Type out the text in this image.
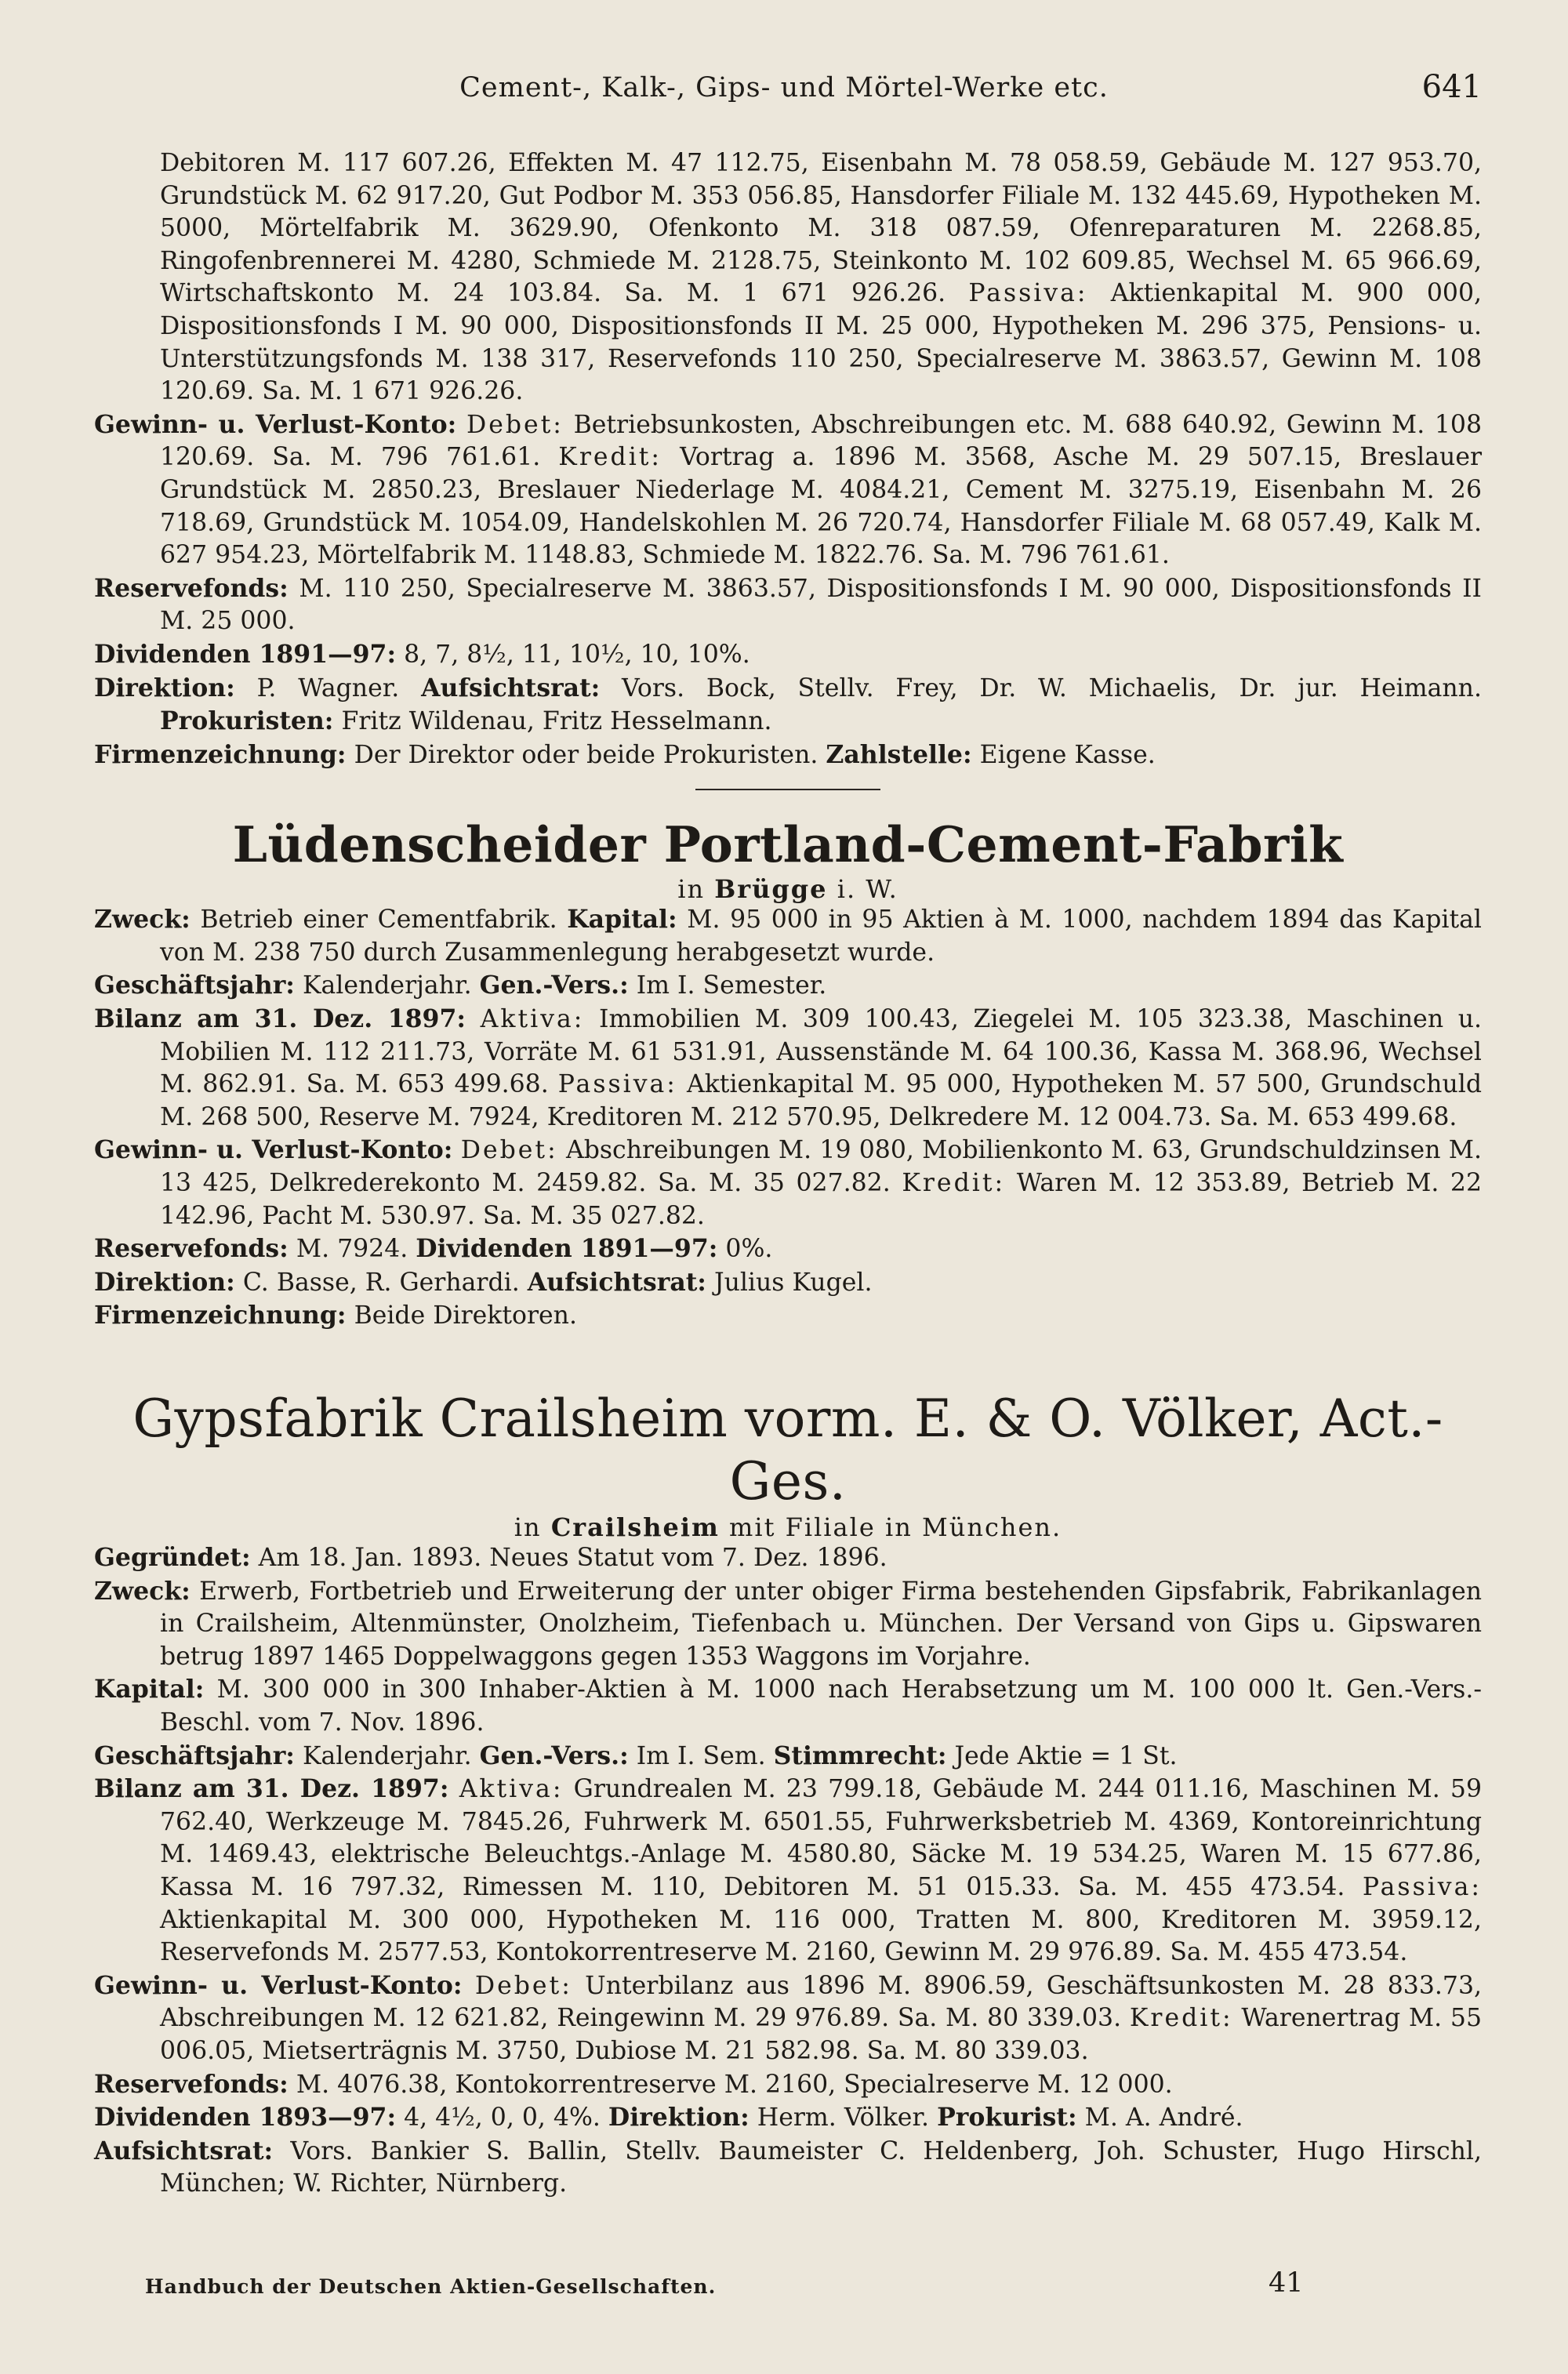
Cement-, Kalk-, Gips- und Mörtel-Werke etc.	641

Debitoren M. 117 607.26, Effekten M. 47 112.75, Eisenbahn M. 78 058.59, Gebäude M. 127 953.70, Grundstück M. 62 917.20, Gut Podbor M. 353 056.85, Hansdorfer Filiale M. 132 445.69, Hypotheken M. 5000, Mörtelfabrik M. 3629.90, Ofenkonto M. 318 087.59, Ofenreparaturen M. 2268.85, Ringofenbrennerei M. 4280, Schmiede M. 2128.75, Steinkonto M. 102 609.85, Wechsel M. 65 966.69, Wirtschaftskonto M. 24 103.84. Sa. M. 1 671 926.26. Passiva: Aktienkapital M. 900 000, Dispositionsfonds I M. 90 000, Dispositionsfonds II M. 25 000, Hypotheken M. 296 375, Pensions- u. Unterstützungsfonds M. 138 317, Reservefonds 110 250, Specialreserve M. 3863.57, Gewinn M. 108 120.69. Sa. M. 1 671 926.26.

Gewinn- u. Verlust-Konto: Debet: Betriebsunkosten, Abschreibungen etc. M. 688 640.92, Gewinn M. 108 120.69. Sa. M. 796 761.61. Kredit: Vortrag a. 1896 M. 3568, Asche M. 29 507.15, Breslauer Grundstück M. 2850.23, Breslauer Niederlage M. 4084.21, Cement M. 3275.19, Eisenbahn M. 26 718.69, Grundstück M. 1054.09, Handelskohlen M. 26 720.74, Hansdorfer Filiale M. 68 057.49, Kalk M. 627 954.23, Mörtelfabrik M. 1148.83, Schmiede M. 1822.76. Sa. M. 796 761.61.

Reservefonds: M. 110 250, Specialreserve M. 3863.57, Dispositionsfonds I M. 90 000, Dispositionsfonds II M. 25 000.

Dividenden 1891—97: 8, 7, 8½, 11, 10½, 10, 10%.

Direktion: P. Wagner. Aufsichtsrat: Vors. Bock, Stellv. Frey, Dr. W. Michaelis, Dr. jur. Heimann. Prokuristen: Fritz Wildenau, Fritz Hesselmann.

Firmenzeichnung: Der Direktor oder beide Prokuristen. Zahlstelle: Eigene Kasse.

Lüdenscheider Portland-Cement-Fabrik

in Brügge i. W.

Zweck: Betrieb einer Cementfabrik. Kapital: M. 95 000 in 95 Aktien à M. 1000, nachdem 1894 das Kapital von M. 238 750 durch Zusammenlegung herabgesetzt wurde.

Geschäftsjahr: Kalenderjahr. Gen.-Vers.: Im I. Semester.

Bilanz am 31. Dez. 1897: Aktiva: Immobilien M. 309 100.43, Ziegelei M. 105 323.38, Maschinen u. Mobilien M. 112 211.73, Vorräte M. 61 531.91, Aussenstände M. 64 100.36, Kassa M. 368.96, Wechsel M. 862.91. Sa. M. 653 499.68. Passiva: Aktienkapital M. 95 000, Hypotheken M. 57 500, Grundschuld M. 268 500, Reserve M. 7924, Kreditoren M. 212 570.95, Delkredere M. 12 004.73. Sa. M. 653 499.68.

Gewinn- u. Verlust-Konto: Debet: Abschreibungen M. 19 080, Mobilienkonto M. 63, Grundschuldzinsen M. 13 425, Delkrederekonto M. 2459.82. Sa. M. 35 027.82. Kredit: Waren M. 12 353.89, Betrieb M. 22 142.96, Pacht M. 530.97. Sa. M. 35 027.82.

Reservefonds: M. 7924. Dividenden 1891—97: 0%.

Direktion: C. Basse, R. Gerhardi. Aufsichtsrat: Julius Kugel.

Firmenzeichnung: Beide Direktoren.

Gypsfabrik Crailsheim vorm. E. & O. Völker, Act.-Ges.

in Crailsheim mit Filiale in München.

Gegründet: Am 18. Jan. 1893. Neues Statut vom 7. Dez. 1896.

Zweck: Erwerb, Fortbetrieb und Erweiterung der unter obiger Firma bestehenden Gipsfabrik, Fabrikanlagen in Crailsheim, Altenmünster, Onolzheim, Tiefenbach u. München. Der Versand von Gips u. Gipswaren betrug 1897 1465 Doppelwaggons gegen 1353 Waggons im Vorjahre.

Kapital: M. 300 000 in 300 Inhaber-Aktien à M. 1000 nach Herabsetzung um M. 100 000 lt. Gen.-Vers.-Beschl. vom 7. Nov. 1896.

Geschäftsjahr: Kalenderjahr. Gen.-Vers.: Im I. Sem. Stimmrecht: Jede Aktie = 1 St.

Bilanz am 31. Dez. 1897: Aktiva: Grundrealen M. 23 799.18, Gebäude M. 244 011.16, Maschinen M. 59 762.40, Werkzeuge M. 7845.26, Fuhrwerk M. 6501.55, Fuhrwerksbetrieb M. 4369, Kontoreinrichtung M. 1469.43, elektrische Beleuchtgs.-Anlage M. 4580.80, Säcke M. 19 534.25, Waren M. 15 677.86, Kassa M. 16 797.32, Rimessen M. 110, Debitoren M. 51 015.33. Sa. M. 455 473.54. Passiva: Aktienkapital M. 300 000, Hypotheken M. 116 000, Tratten M. 800, Kreditoren M. 3959.12, Reservefonds M. 2577.53, Kontokorrentreserve M. 2160, Gewinn M. 29 976.89. Sa. M. 455 473.54.

Gewinn- u. Verlust-Konto: Debet: Unterbilanz aus 1896 M. 8906.59, Geschäftsunkosten M. 28 833.73, Abschreibungen M. 12 621.82, Reingewinn M. 29 976.89. Sa. M. 80 339.03. Kredit: Warenertrag M. 55 006.05, Mietserträgnis M. 3750, Dubiose M. 21 582.98. Sa. M. 80 339.03.

Reservefonds: M. 4076.38, Kontokorrentreserve M. 2160, Specialreserve M. 12 000.

Dividenden 1893—97: 4, 4½, 0, 0, 4%. Direktion: Herm. Völker. Prokurist: M. A. André.

Aufsichtsrat: Vors. Bankier S. Ballin, Stellv. Baumeister C. Heldenberg, Joh. Schuster, Hugo Hirschl, München; W. Richter, Nürnberg.

Handbuch der Deutschen Aktien-Gesellschaften.	41
